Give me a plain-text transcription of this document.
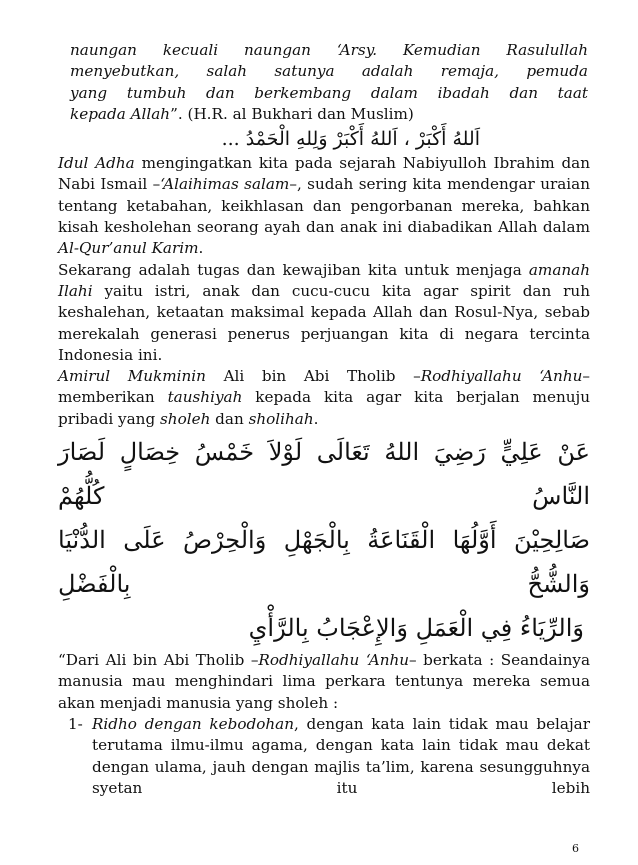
naungan kecuali naungan ‘Arsy. Kemudian Rasulullah
menyebutkan, salah satunya adalah remaja, pemuda
yang tumbuh dan berkembang dalam ibadah dan taat
kepada Allah”. (H.R. al Bukhari dan Muslim)
اَللهُ أَكْبَرْ ، اَللهُ أَكْبَرْ وَلِلهِ الْحَمْدُ ...

Idul Adha mengingatkan kita pada sejarah Nabiyulloh Ibrahim dan Nabi Ismail –‘Alaihimas salam–, sudah sering kita mendengar uraian tentang ketabahan, keikhlasan dan pengorbanan mereka, bahkan kisah kesholehan seorang ayah dan anak ini diabadikan Allah dalam Al-Qur’anul Karim.

Sekarang adalah tugas dan kewajiban kita untuk menjaga amanah Ilahi yaitu istri, anak dan cucu-cucu kita agar spirit dan ruh keshalehan, ketaatan maksimal kepada Allah dan Rosul-Nya, sebab merekalah generasi penerus perjuangan kita di negara tercinta Indonesia ini.

Amirul Mukminin Ali bin Abi Tholib –Rodhiyallahu ‘Anhu– memberikan taushiyah kepada kita agar kita berjalan menuju pribadi yang sholeh dan sholihah.

عَنْ عَلِيٍّ رَضِيَ اللهُ تَعَالَى لَوْلاَ خَمْسُ خِصَالٍ لَصَارَ النَّاسُ كُلُّهُمْ
صَالِحِيْنَ أَوَّلُهَا الْقَنَاعَةُ بِالْجَهْلِ وَالْحِرْصُ عَلَى الدُّنْيَا وَالشُّحُّ بِالْفَضْلِ
وَالرِّيَاءُ فِي الْعَمَلِ وَالإِعْجَابُ بِالرَّأْيِ

“Dari Ali bin Abi Tholib –Rodhiyallahu ‘Anhu– berkata : Seandainya manusia mau menghindari lima perkara tentunya mereka semua akan menjadi manusia yang sholeh :

1- Ridho dengan kebodohan, dengan kata lain tidak mau belajar terutama ilmu-ilmu agama, dengan kata lain tidak mau dekat dengan ulama, jauh dengan majlis ta’lim, karena sesungguhnya syetan itu lebih
6
